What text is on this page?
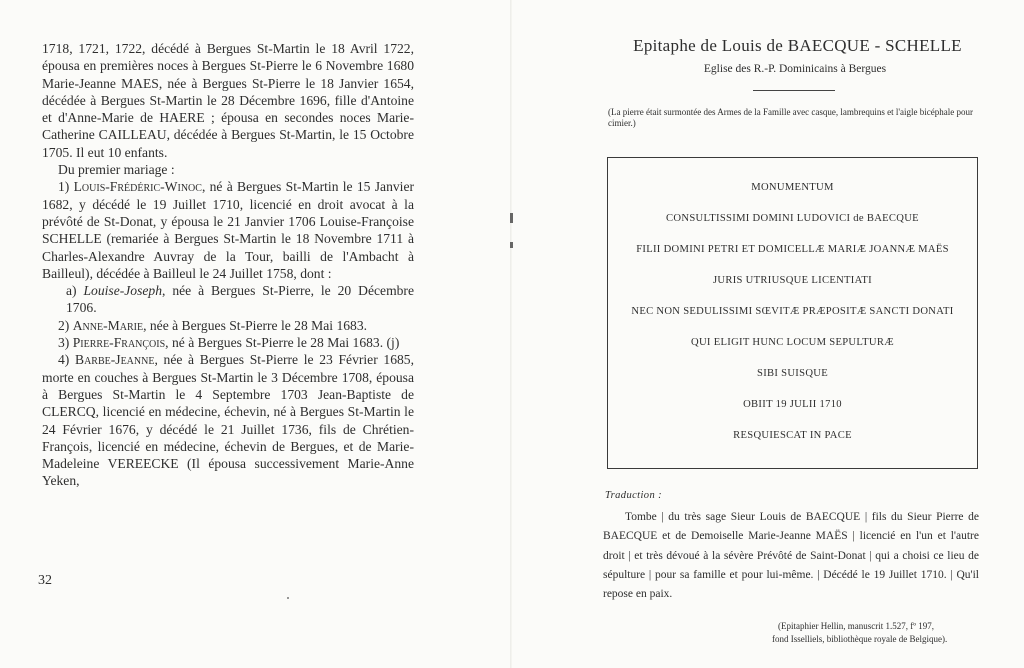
1718, 1721, 1722, décédé à Bergues St-Martin le 18 Avril 1722, épousa en premières noces à Bergues St-Pierre le 6 Novembre 1680 Marie-Jeanne MAES, née à Bergues St-Pierre le 18 Janvier 1654, décédée à Bergues St-Martin le 28 Décembre 1696, fille d'Antoine et d'Anne-Marie de HAERE ; épousa en secondes noces Marie-Catherine CAILLEAU, décédée à Bergues St-Martin, le 15 Octobre 1705. Il eut 10 enfants.

Du premier mariage :

1) Louis-Frédéric-Winoc, né à Bergues St-Martin le 15 Janvier 1682, y décédé le 19 Juillet 1710, licencié en droit avocat à la prévôté de St-Donat, y épousa le 21 Janvier 1706 Louise-Françoise SCHELLE (remariée à Bergues St-Martin le 18 Novembre 1711 à Charles-Alexandre Auvray de la Tour, bailli de l'Ambacht à Bailleul), décédée à Bailleul le 24 Juillet 1758, dont :

a) Louise-Joseph, née à Bergues St-Pierre, le 20 Décembre 1706.

2) Anne-Marie, née à Bergues St-Pierre le 28 Mai 1683.

3) Pierre-François, né à Bergues St-Pierre le 28 Mai 1683. (j)

4) Barbe-Jeanne, née à Bergues St-Pierre le 23 Février 1685, morte en couches à Bergues St-Martin le 3 Décembre 1708, épousa à Bergues St-Martin le 4 Septembre 1703 Jean-Baptiste de CLERCQ, licencié en médecine, échevin, né à Bergues St-Martin le 24 Février 1676, y décédé le 21 Juillet 1736, fils de Chrétien-François, licencié en médecine, échevin de Bergues, et de Marie-Madeleine VEREECKE (Il épousa successivement Marie-Anne Yeken,

32
Epitaphe de Louis de BAECQUE - SCHELLE
Eglise des R.-P. Dominicains à Bergues

(La pierre était surmontée des Armes de la Famille avec casque, lambrequins et l'aigle bicéphale pour cimier.)

MONUMENTUM
CONSULTISSIMI DOMINI LUDOVICI de BAECQUE
FILII DOMINI PETRI ET DOMICELLÆ MARIÆ JOANNÆ MAËS
JURIS UTRIUSQUE LICENTIATI
NEC NON SEDULISSIMI SŒVITÆ PRÆPOSITÆ SANCTI DONATI
QUI ELIGIT HUNC LOCUM SEPULTURÆ
SIBI SUISQUE
OBIIT 19 JULII 1710
RESQUIESCAT IN PACE
Traduction :

Tombe | du très sage Sieur Louis de BAECQUE | fils du Sieur Pierre de BAECQUE et de Demoiselle Marie-Jeanne MAËS | licencié en l'un et l'autre droit | et très dévoué à la sévère Prévôté de Saint-Donat | qui a choisi ce lieu de sépulture | pour sa famille et pour lui-même. | Décédé le 19 Juillet 1710. | Qu'il repose en paix.

(Epitaphier Hellin, manuscrit 1.527, fº 197,

fond Isselliels, bibliothèque royale de Belgique).
